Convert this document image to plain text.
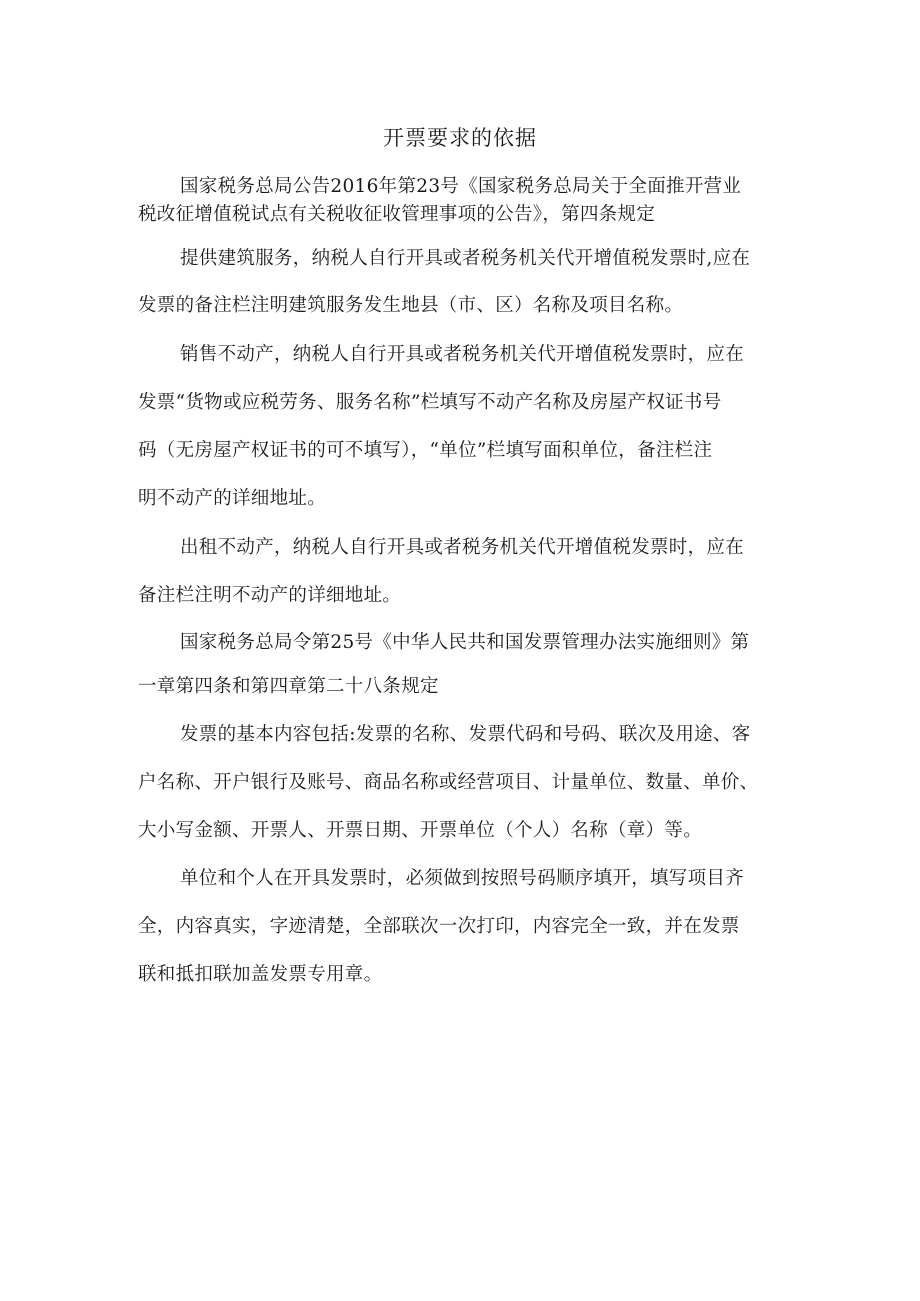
开票要求的依据
国家税务总局公告2016年第23号《国家税务总局关于全面推开营业
税改征增值税试点有关税收征收管理事项的公告》，第四条规定
提供建筑服务，纳税人自行开具或者税务机关代开增值税发票时,应在
发票的备注栏注明建筑服务发生地县（市、区）名称及项目名称。
销售不动产，纳税人自行开具或者税务机关代开增值税发票时，应在
发票“货物或应税劳务、服务名称”栏填写不动产名称及房屋产权证书号
码（无房屋产权证书的可不填写），“单位”栏填写面积单位，备注栏注
明不动产的详细地址。
出租不动产，纳税人自行开具或者税务机关代开增值税发票时，应在
备注栏注明不动产的详细地址。
国家税务总局令第25号《中华人民共和国发票管理办法实施细则》第
一章第四条和第四章第二十八条规定
发票的基本内容包括:发票的名称、发票代码和号码、联次及用途、客
户名称、开户银行及账号、商品名称或经营项目、计量单位、数量、单价、
大小写金额、开票人、开票日期、开票单位（个人）名称（章）等。
单位和个人在开具发票时，必须做到按照号码顺序填开，填写项目齐
全，内容真实，字迹清楚，全部联次一次打印，内容完全一致，并在发票
联和抵扣联加盖发票专用章。
